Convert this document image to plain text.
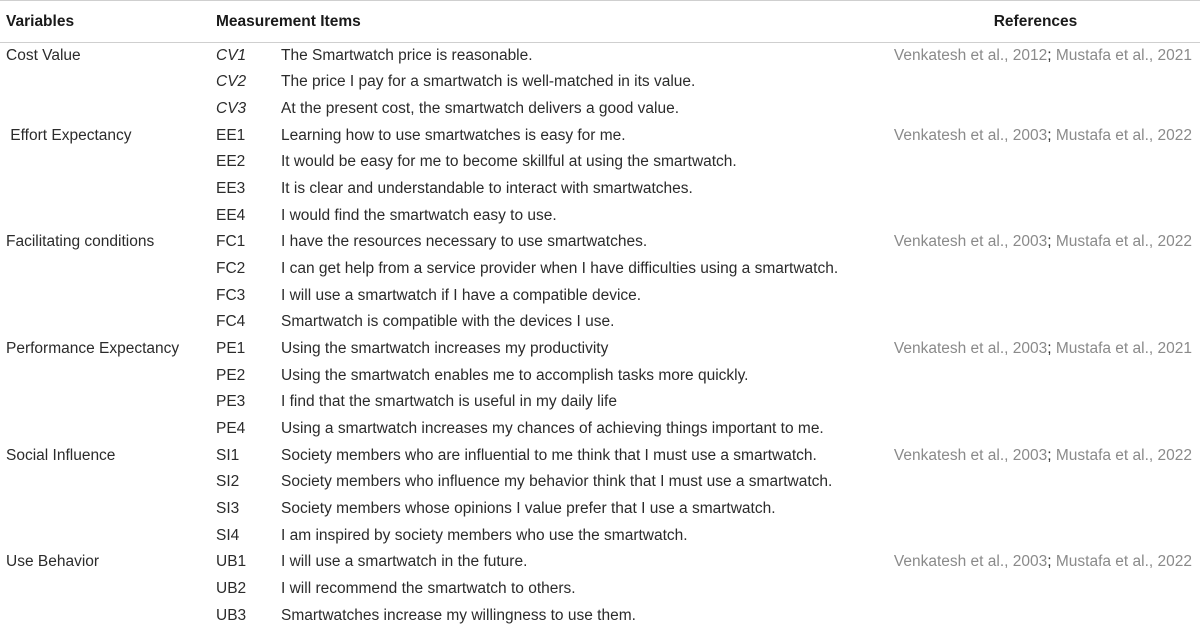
Variables	Measurement Items		References
Cost Value	CV1	The Smartwatch price is reasonable.	Venkatesh et al., 2012; Mustafa et al., 2021
	CV2	The price I pay for a smartwatch is well-matched in its value.	
	CV3	At the present cost, the smartwatch delivers a good value.	
Effort Expectancy	EE1	Learning how to use smartwatches is easy for me.	Venkatesh et al., 2003; Mustafa et al., 2022
	EE2	It would be easy for me to become skillful at using the smartwatch.	
	EE3	It is clear and understandable to interact with smartwatches.	
	EE4	I would find the smartwatch easy to use.	
Facilitating conditions	FC1	I have the resources necessary to use smartwatches.	Venkatesh et al., 2003; Mustafa et al., 2022
	FC2	I can get help from a service provider when I have difficulties using a smartwatch.	
	FC3	I will use a smartwatch if I have a compatible device.	
	FC4	Smartwatch is compatible with the devices I use.	
Performance Expectancy	PE1	Using the smartwatch increases my productivity	Venkatesh et al., 2003; Mustafa et al., 2021
	PE2	Using the smartwatch enables me to accomplish tasks more quickly.	
	PE3	I find that the smartwatch is useful in my daily life	
	PE4	Using a smartwatch increases my chances of achieving things important to me.	
Social Influence	SI1	Society members who are influential to me think that I must use a smartwatch.	Venkatesh et al., 2003; Mustafa et al., 2022
	SI2	Society members who influence my behavior think that I must use a smartwatch.	
	SI3	Society members whose opinions I value prefer that I use a smartwatch.	
	SI4	I am inspired by society members who use the smartwatch.	
Use Behavior	UB1	I will use a smartwatch in the future.	Venkatesh et al., 2003; Mustafa et al., 2022
	UB2	I will recommend the smartwatch to others.	
	UB3	Smartwatches increase my willingness to use them.	
